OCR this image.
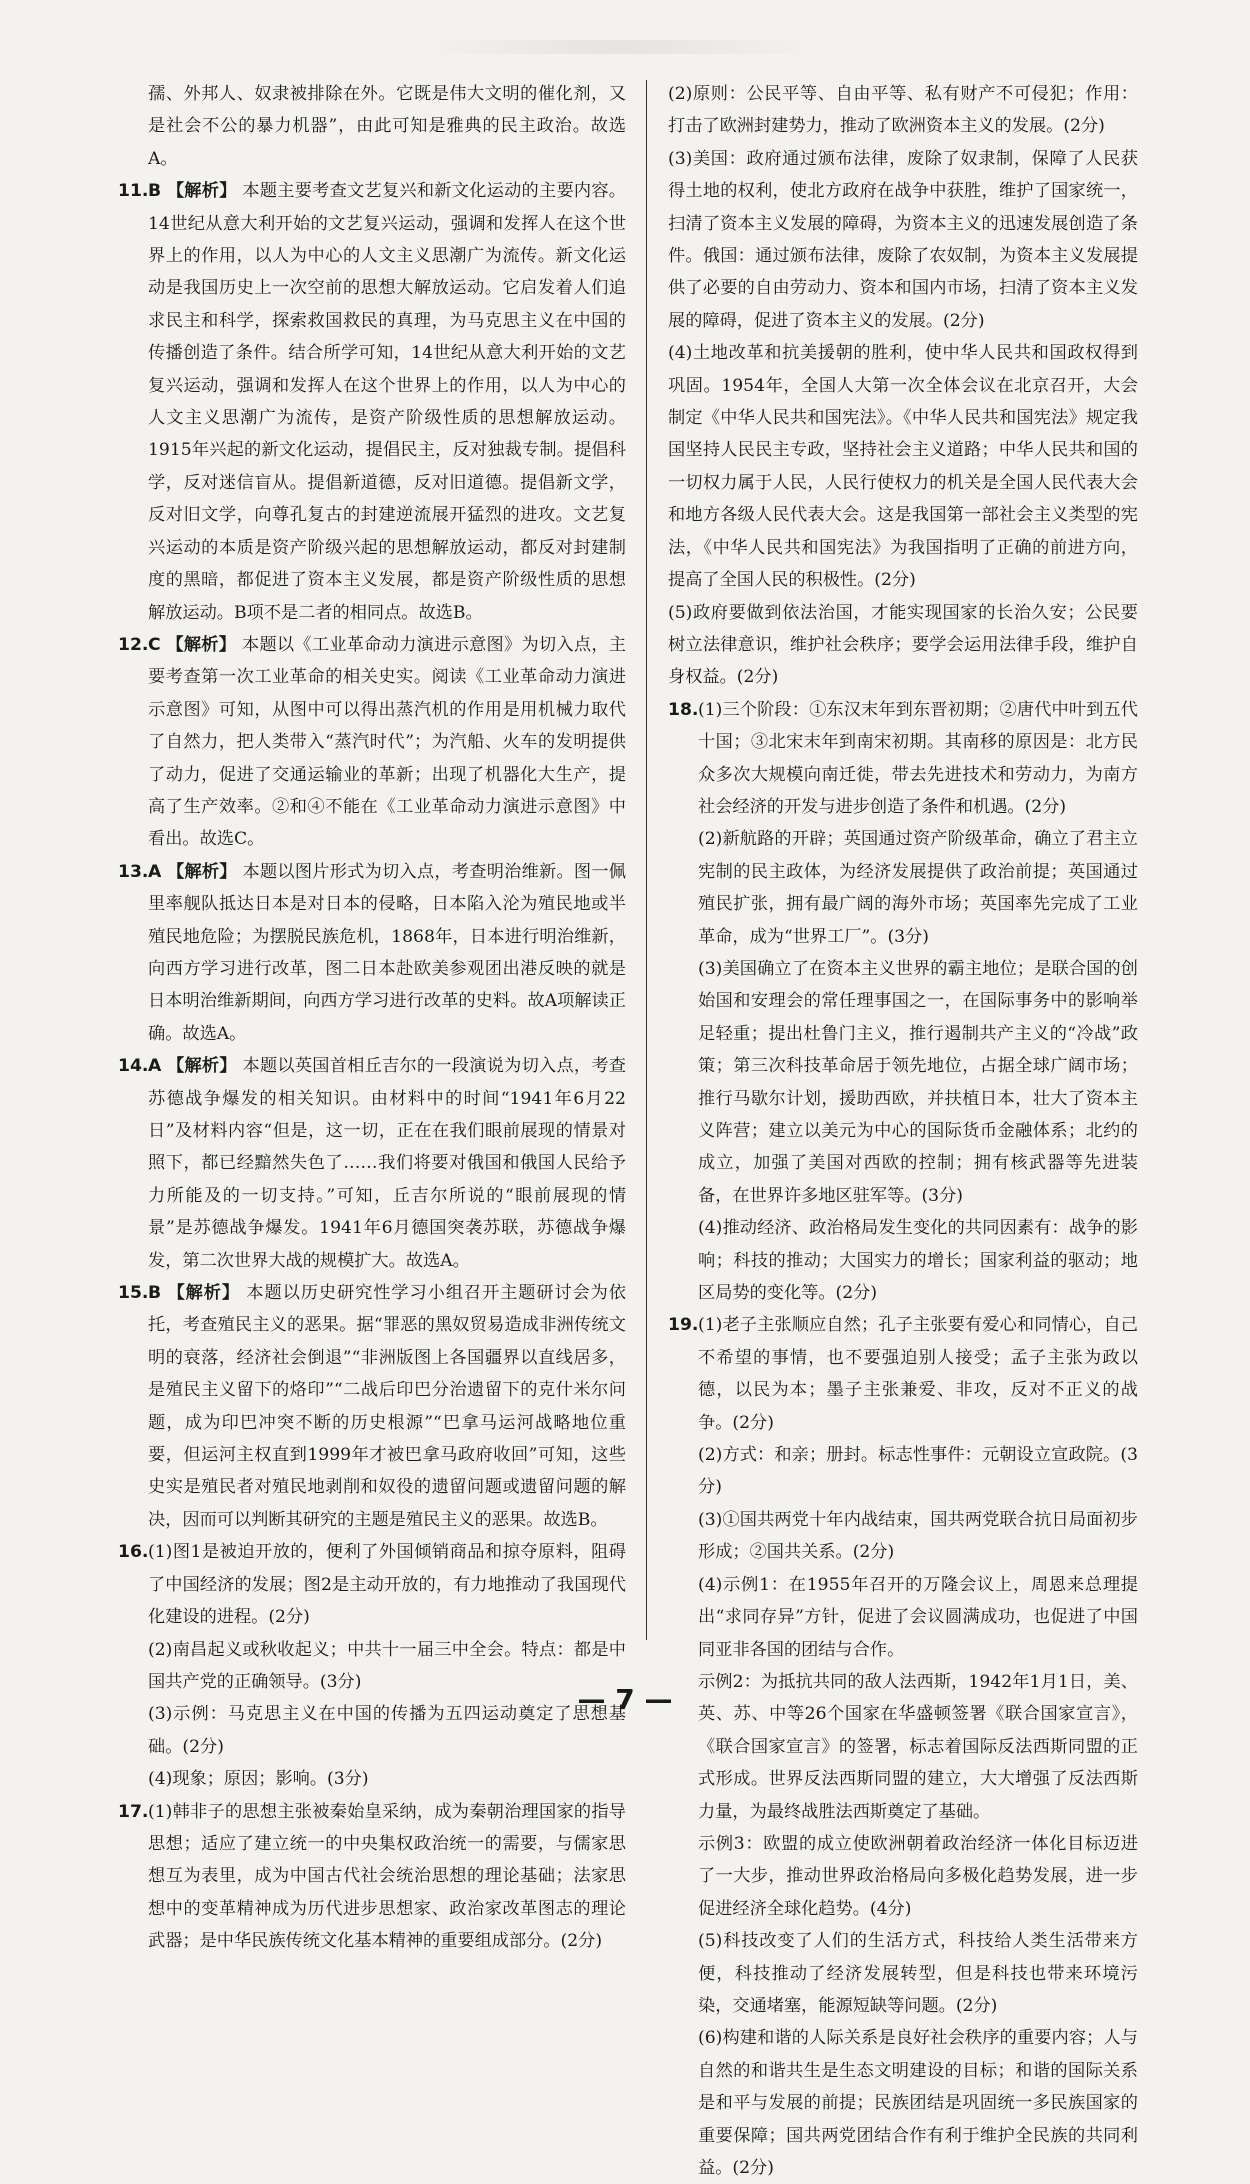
孺、外邦人、奴隶被排除在外。它既是伟大文明的催化剂，又是社会不公的暴力机器”，由此可知是雅典的民主政治。故选A。
11. B 【解析】 本题主要考查文艺复兴和新文化运动的主要内容。14世纪从意大利开始的文艺复兴运动，强调和发挥人在这个世界上的作用，以人为中心的人文主义思潮广为流传。新文化运动是我国历史上一次空前的思想大解放运动。它启发着人们追求民主和科学，探索救国救民的真理，为马克思主义在中国的传播创造了条件。结合所学可知，14世纪从意大利开始的文艺复兴运动，强调和发挥人在这个世界上的作用，以人为中心的人文主义思潮广为流传，是资产阶级性质的思想解放运动。1915年兴起的新文化运动，提倡民主，反对独裁专制。提倡科学，反对迷信盲从。提倡新道德，反对旧道德。提倡新文学，反对旧文学，向尊孔复古的封建逆流展开猛烈的进攻。文艺复兴运动的本质是资产阶级兴起的思想解放运动，都反对封建制度的黑暗，都促进了资本主义发展，都是资产阶级性质的思想解放运动。B项不是二者的相同点。故选B。
12. C 【解析】 本题以《工业革命动力演进示意图》为切入点，主要考查第一次工业革命的相关史实。阅读《工业革命动力演进示意图》可知，从图中可以得出蒸汽机的作用是用机械力取代了自然力，把人类带入“蒸汽时代”；为汽船、火车的发明提供了动力，促进了交通运输业的革新；出现了机器化大生产，提高了生产效率。②和④不能在《工业革命动力演进示意图》中看出。故选C。
13. A 【解析】 本题以图片形式为切入点，考查明治维新。图一佩里率舰队抵达日本是对日本的侵略，日本陷入沦为殖民地或半殖民地危险；为摆脱民族危机，1868年，日本进行明治维新，向西方学习进行改革，图二日本赴欧美参观团出港反映的就是日本明治维新期间，向西方学习进行改革的史料。故A项解读正确。故选A。
14. A 【解析】 本题以英国首相丘吉尔的一段演说为切入点，考查苏德战争爆发的相关知识。由材料中的时间“1941年6月22日”及材料内容“但是，这一切，正在在我们眼前展现的情景对照下，都已经黯然失色了……我们将要对俄国和俄国人民给予力所能及的一切支持。”可知，丘吉尔所说的“眼前展现的情景”是苏德战争爆发。1941年6月德国突袭苏联，苏德战争爆发，第二次世界大战的规模扩大。故选A。
15. B 【解析】 本题以历史研究性学习小组召开主题研讨会为依托，考查殖民主义的恶果。据“罪恶的黑奴贸易造成非洲传统文明的衰落，经济社会倒退”“非洲版图上各国疆界以直线居多，是殖民主义留下的烙印”“二战后印巴分治遗留下的克什米尔问题，成为印巴冲突不断的历史根源”“巴拿马运河战略地位重要，但运河主权直到1999年才被巴拿马政府收回”可知，这些史实是殖民者对殖民地剥削和奴役的遗留问题或遗留问题的解决，因而可以判断其研究的主题是殖民主义的恶果。故选B。
16. (1)图1是被迫开放的，便利了外国倾销商品和掠夺原料，阻碍了中国经济的发展；图2是主动开放的，有力地推动了我国现代化建设的进程。(2分)
(2)南昌起义或秋收起义；中共十一届三中全会。特点：都是中国共产党的正确领导。(3分)
(3)示例：马克思主义在中国的传播为五四运动奠定了思想基础。(2分)
(4)现象；原因；影响。(3分)
17. (1)韩非子的思想主张被秦始皇采纳，成为秦朝治理国家的指导思想；适应了建立统一的中央集权政治统一的需要，与儒家思想互为表里，成为中国古代社会统治思想的理论基础；法家思想中的变革精神成为历代进步思想家、政治家改革图志的理论武器；是中华民族传统文化基本精神的重要组成部分。(2分)
(2)原则：公民平等、自由平等、私有财产不可侵犯；作用：打击了欧洲封建势力，推动了欧洲资本主义的发展。(2分)
(3)美国：政府通过颁布法律，废除了奴隶制，保障了人民获得土地的权利，使北方政府在战争中获胜，维护了国家统一，扫清了资本主义发展的障碍，为资本主义的迅速发展创造了条件。俄国：通过颁布法律，废除了农奴制，为资本主义发展提供了必要的自由劳动力、资本和国内市场，扫清了资本主义发展的障碍，促进了资本主义的发展。(2分)
(4)土地改革和抗美援朝的胜利，使中华人民共和国政权得到巩固。1954年，全国人大第一次全体会议在北京召开，大会制定《中华人民共和国宪法》。《中华人民共和国宪法》规定我国坚持人民民主专政，坚持社会主义道路；中华人民共和国的一切权力属于人民，人民行使权力的机关是全国人民代表大会和地方各级人民代表大会。这是我国第一部社会主义类型的宪法，《中华人民共和国宪法》为我国指明了正确的前进方向，提高了全国人民的积极性。(2分)
(5)政府要做到依法治国，才能实现国家的长治久安；公民要树立法律意识，维护社会秩序；要学会运用法律手段，维护自身权益。(2分)
18. (1)三个阶段：①东汉末年到东晋初期；②唐代中叶到五代十国；③北宋末年到南宋初期。其南移的原因是：北方民众多次大规模向南迁徙，带去先进技术和劳动力，为南方社会经济的开发与进步创造了条件和机遇。(2分)
(2)新航路的开辟；英国通过资产阶级革命，确立了君主立宪制的民主政体，为经济发展提供了政治前提；英国通过殖民扩张，拥有最广阔的海外市场；英国率先完成了工业革命，成为“世界工厂”。(3分)
(3)美国确立了在资本主义世界的霸主地位；是联合国的创始国和安理会的常任理事国之一，在国际事务中的影响举足轻重；提出杜鲁门主义，推行遏制共产主义的“冷战”政策；第三次科技革命居于领先地位，占据全球广阔市场；推行马歇尔计划，援助西欧，并扶植日本，壮大了资本主义阵营；建立以美元为中心的国际货币金融体系；北约的成立，加强了美国对西欧的控制；拥有核武器等先进装备，在世界许多地区驻军等。(3分)
(4)推动经济、政治格局发生变化的共同因素有：战争的影响；科技的推动；大国实力的增长；国家利益的驱动；地区局势的变化等。(2分)
19. (1)老子主张顺应自然；孔子主张要有爱心和同情心，自己不希望的事情，也不要强迫别人接受；孟子主张为政以德，以民为本；墨子主张兼爱、非攻，反对不正义的战争。(2分)
(2)方式：和亲；册封。标志性事件：元朝设立宣政院。(3分)
(3)①国共两党十年内战结束，国共两党联合抗日局面初步形成；②国共关系。(2分)
(4)示例1：在1955年召开的万隆会议上，周恩来总理提出“求同存异”方针，促进了会议圆满成功，也促进了中国同亚非各国的团结与合作。
示例2：为抵抗共同的敌人法西斯，1942年1月1日，美、英、苏、中等26个国家在华盛顿签署《联合国家宣言》，《联合国家宣言》的签署，标志着国际反法西斯同盟的正式形成。世界反法西斯同盟的建立，大大增强了反法西斯力量，为最终战胜法西斯奠定了基础。
示例3：欧盟的成立使欧洲朝着政治经济一体化目标迈进了一大步，推动世界政治格局向多极化趋势发展，进一步促进经济全球化趋势。(4分)
(5)科技改变了人们的生活方式，科技给人类生活带来方便，科技推动了经济发展转型，但是科技也带来环境污染，交通堵塞，能源短缺等问题。(2分)
(6)构建和谐的人际关系是良好社会秩序的重要内容；人与自然的和谐共生是生态文明建设的目标；和谐的国际关系是和平与发展的前提；民族团结是巩固统一多民族国家的重要保障；国共两党团结合作有利于维护全民族的共同利益。(2分)
— 7 —
